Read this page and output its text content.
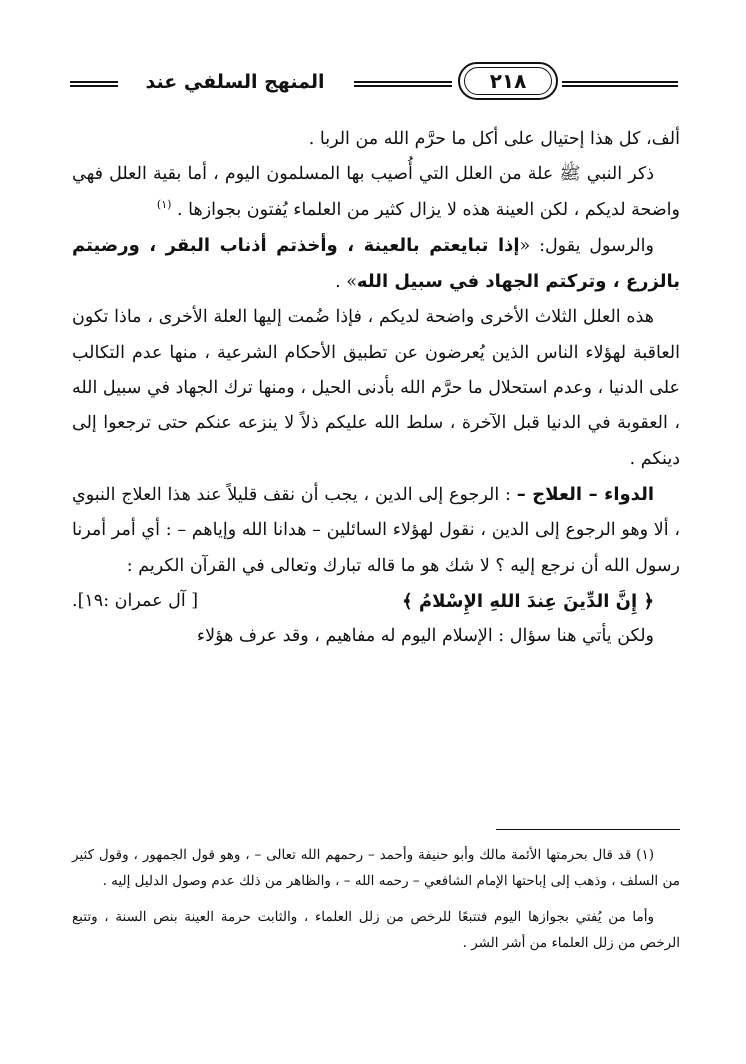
٢١٨
المنهج السلفي عند

ألف، كل هذا إحتيال على أكل ما حرَّم الله من الربا .

ذكر النبي ﷺ علة من العلل التي أُصيب بها المسلمون اليوم ، أما بقية العلل فهي واضحة لديكم ، لكن العينة هذه لا يزال كثير من العلماء يُفتون بجوازها . $^{(١)}$

والرسول يقول: «إذا تبايعتم بالعينة ، وأخذتم أذناب البقر ، ورضيتم بالزرع ، وتركتم الجهاد في سبيل الله» .

هذه العلل الثلاث الأخرى واضحة لديكم ، فإذا ضُمت إليها العلة الأخرى ، ماذا تكون العاقبة لهؤلاء الناس الذين يُعرضون عن تطبيق الأحكام الشرعية ، منها عدم التكالب على الدنيا ، وعدم استحلال ما حرَّم الله بأدنى الحيل ، ومنها ترك الجهاد في سبيل الله ، العقوبة في الدنيا قبل الآخرة ، سلط الله عليكم ذلاً لا ينزعه عنكم حتى ترجعوا إلى دينكم .

الدواء – العلاج – : الرجوع إلى الدين ، يجب أن نقف قليلاً عند هذا العلاج النبوي ، ألا وهو الرجوع إلى الدين ، نقول لهؤلاء السائلين – هدانا الله وإياهم – : أي أمر أمرنا رسول الله أن نرجع إليه ؟ لا شك هو ما قاله تبارك وتعالى في القرآن الكريم :

﴿ إِنَّ الدِّينَ عِندَ اللهِ الإِسْلامُ ﴾
[ آل عمران :١٩].

ولكن يأتي هنا سؤال : الإسلام اليوم له مفاهيم ، وقد عرف هؤلاء

(١) قد قال بحرمتها الأئمة مالك وأبو حنيفة وأحمد – رحمهم الله تعالى – ، وهو قول الجمهور ، وقول كثير من السلف ، وذهب إلى إباحتها الإمام الشافعي – رحمه الله – ، والظاهر من ذلك عدم وصول الدليل إليه .

وأما من يُفتي بجوازها اليوم فتتبعًا للرخص من زلل العلماء ، والثابت حرمة العينة بنص السنة ، وتتبع الرخص من زلل العلماء من أشر الشر .
